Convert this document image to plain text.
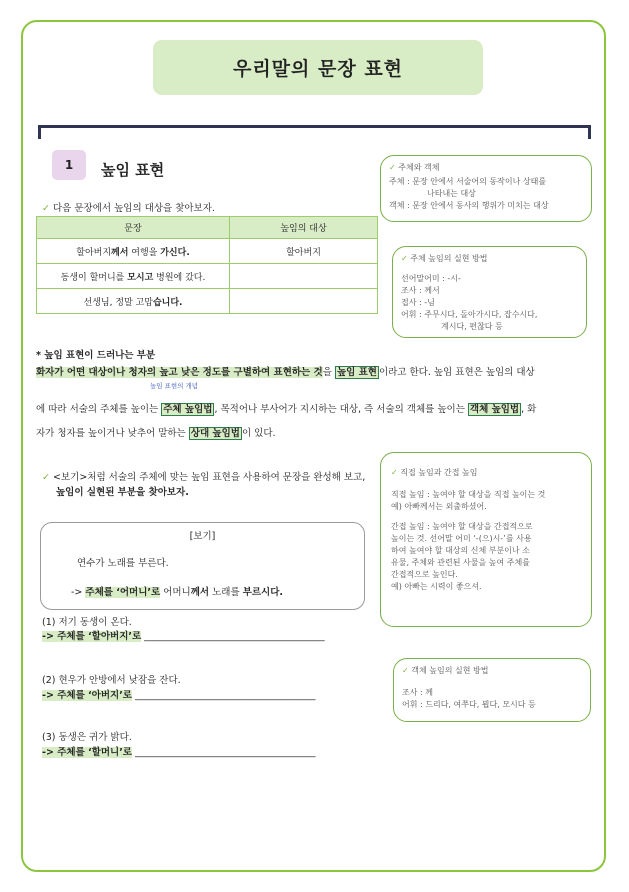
우리말의 문장 표현
1	높임 표현
✓ 다음 문장에서 높임의 대상을 찾아보자.
문장	높임의 대상
할아버지께서 여행을 가신다.	할아버지
동생이 할머니를 모시고 병원에 갔다.	
선생님, 정말 고맙습니다.	
✓ 주체와 객체
주체 : 문장 안에서 서술어의 동작이나 상태를
나타내는 대상
객체 : 문장 안에서 동사의 행위가 미치는 대상
✓ 주체 높임의 실현 방법
선어말어미 : -시-
조사 : 께서
접사 : -님
어휘 : 주무시다, 돌아가시다, 잡수시다,
계시다, 편찮다 등
* 높임 표현이 드러나는 부분
화자가 어떤 대상이나 청자의 높고 낮은 정도를 구별하여 표현하는 것을 높임 표현 이라고 한다. 높임 표현은 높임의 대상
높임 표현의 개념
에 따라 서술의 주체를 높이는 주체 높임법 , 목적어나 부사어가 지시하는 대상, 즉 서술의 객체를 높이는 객체 높임법 , 화
자가 청자를 높이거나 낮추어 말하는 상대 높임법 이 있다.
✓ <보기>처럼 서술의 주체에 맞는 높임 표현을 사용하여 문장을 완성해 보고,
높임이 실현된 부분을 찾아보자.
[보기]
연수가 노래를 부른다.
-> 주체를 ‘어머니’로 어머니께서 노래를 부르시다.
✓ 직접 높임과 간접 높임
직접 높임 : 높여야 할 대상을 직접 높이는 것
예) 아빠께서는 외출하셨어.
간접 높임 : 높여야 할 대상을 간접적으로
높이는 것. 선어말 어미 ‘-(으)시-’를 사용
하여 높여야 할 대상의 신체 부분이나 소
유물, 주체와 관련된 사물을 높여 주체를
간접적으로 높인다.
예) 아빠는 시력이 좋으셔.
✓ 객체 높임의 실현 방법
조사 : 께
어휘 : 드리다, 여쭈다, 뵙다, 모시다 등
(1) 저기 동생이 온다.
-> 주체를 ‘할아버지’로 ______________________________________
(2) 현우가 안방에서 낮잠을 잔다.
-> 주체를 ‘아버지’로 ______________________________________
(3) 동생은 귀가 밝다.
-> 주체를 ‘할머니’로 ______________________________________
